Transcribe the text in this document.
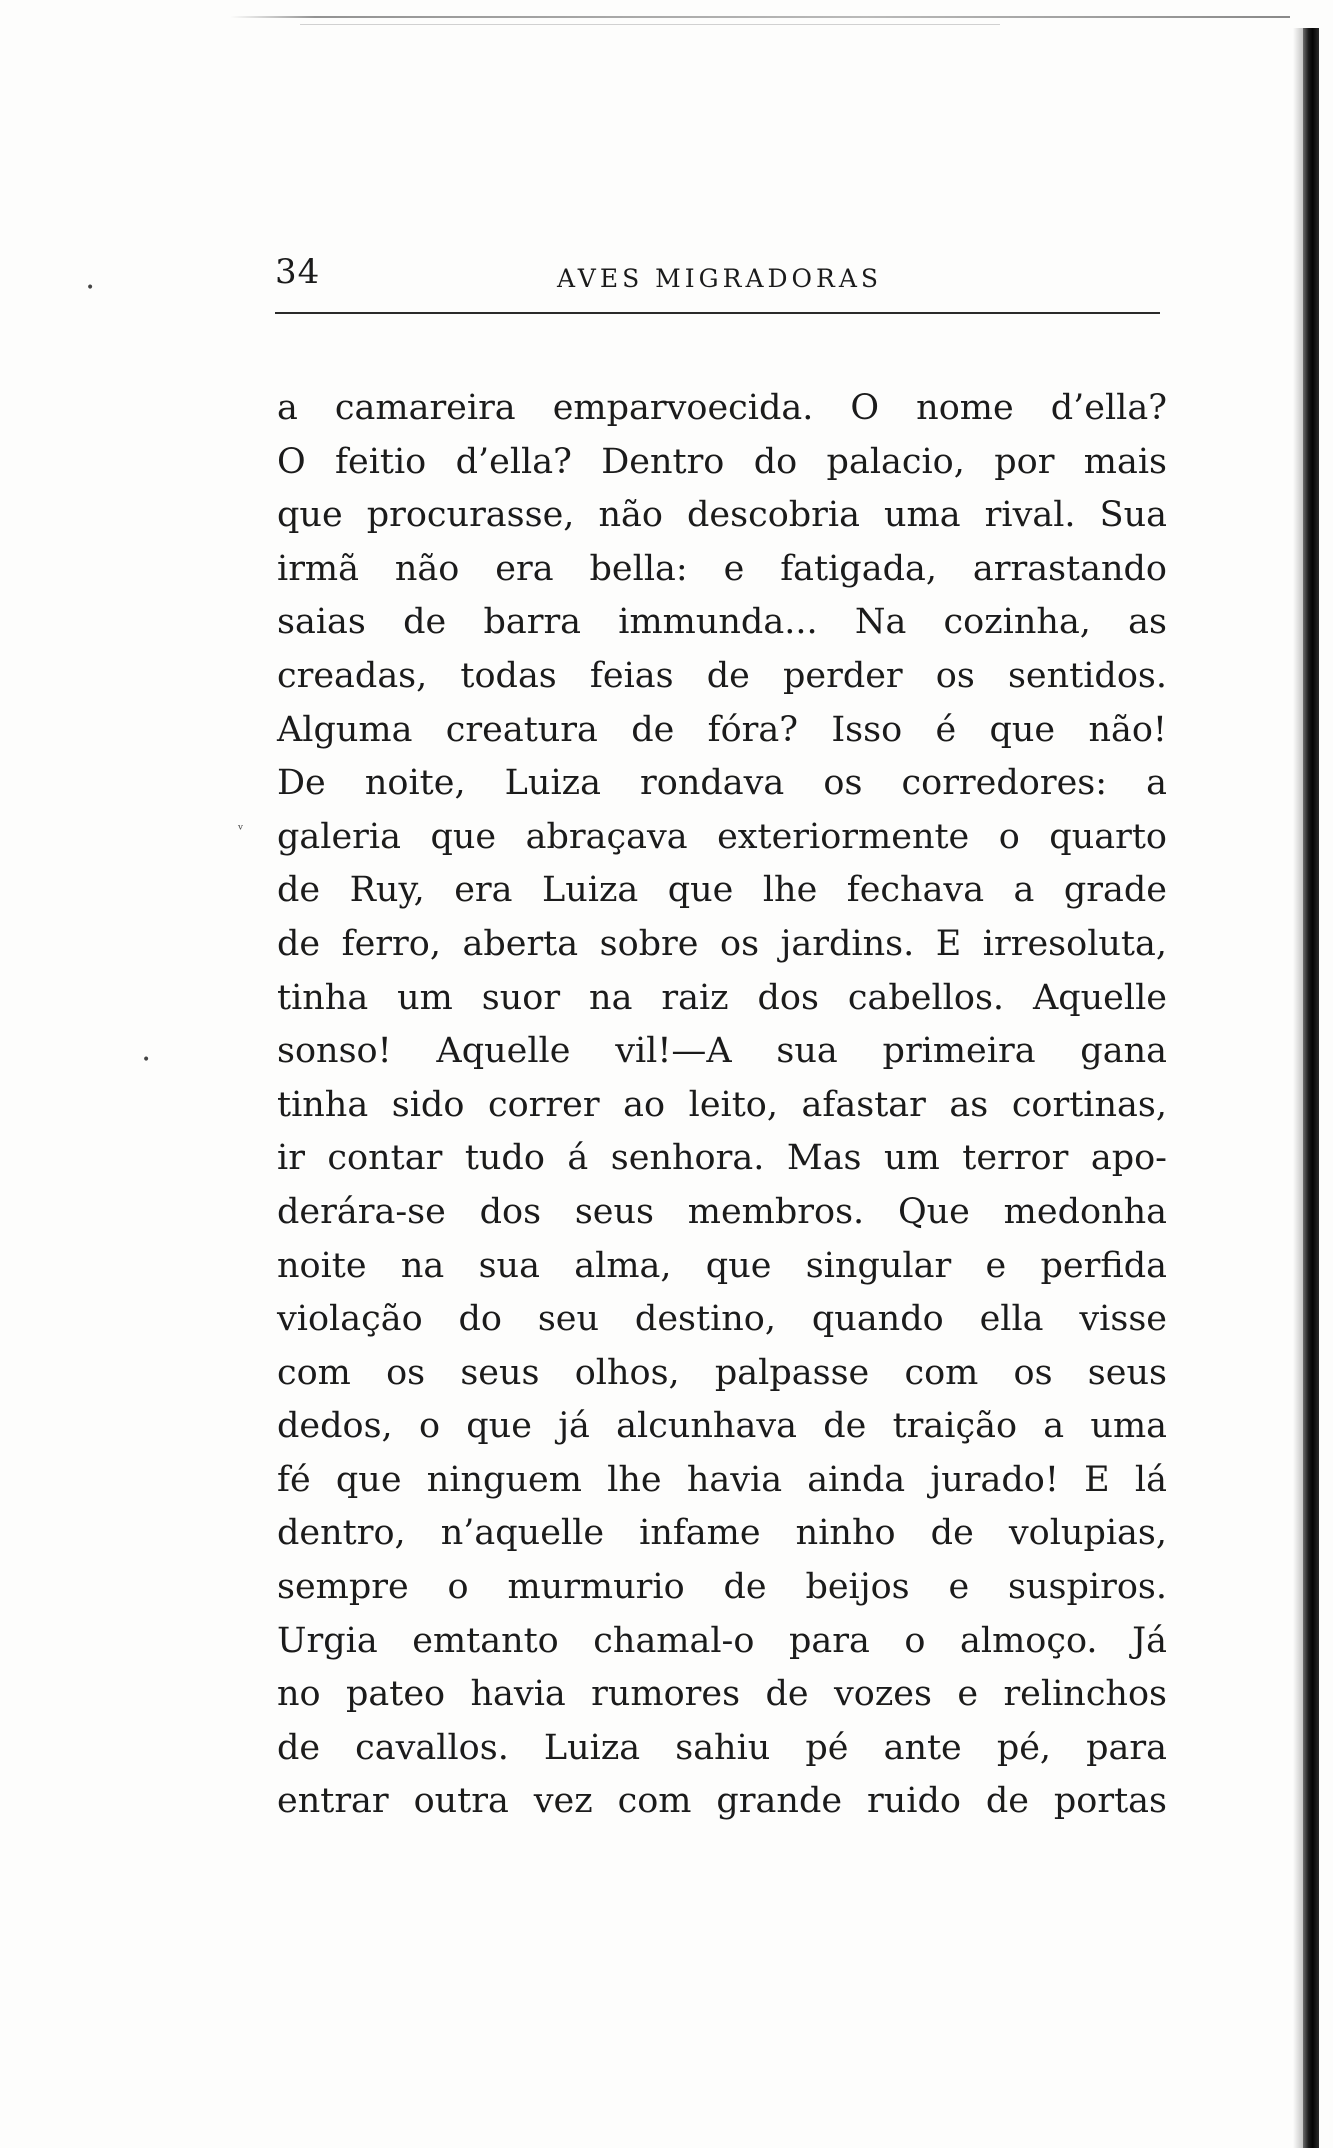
•
ᵛ
•
34	AVES MIGRADORAS
a camareira emparvoecida. O nome d’ella?
O feitio d’ella? Dentro do palacio, por mais
que procurasse, não descobria uma rival. Sua
irmã não era bella: e fatigada, arrastando
saias de barra immunda... Na cozinha, as
creadas, todas feias de perder os sentidos.
Alguma creatura de fóra? Isso é que não!
De noite, Luiza rondava os corredores: a
galeria que abraçava exteriormente o quarto
de Ruy, era Luiza que lhe fechava a grade
de ferro, aberta sobre os jardins. E irresoluta,
tinha um suor na raiz dos cabellos. Aquelle
sonso! Aquelle vil!—A sua primeira gana
tinha sido correr ao leito, afastar as cortinas,
ir contar tudo á senhora. Mas um terror apo-
derára-se dos seus membros. Que medonha
noite na sua alma, que singular e perfida
violação do seu destino, quando ella visse
com os seus olhos, palpasse com os seus
dedos, o que já alcunhava de traição a uma
fé que ninguem lhe havia ainda jurado! E lá
dentro, n’aquelle infame ninho de volupias,
sempre o murmurio de beijos e suspiros.
Urgia emtanto chamal-o para o almoço. Já
no pateo havia rumores de vozes e relinchos
de cavallos. Luiza sahiu pé ante pé, para
entrar outra vez com grande ruido de portas
